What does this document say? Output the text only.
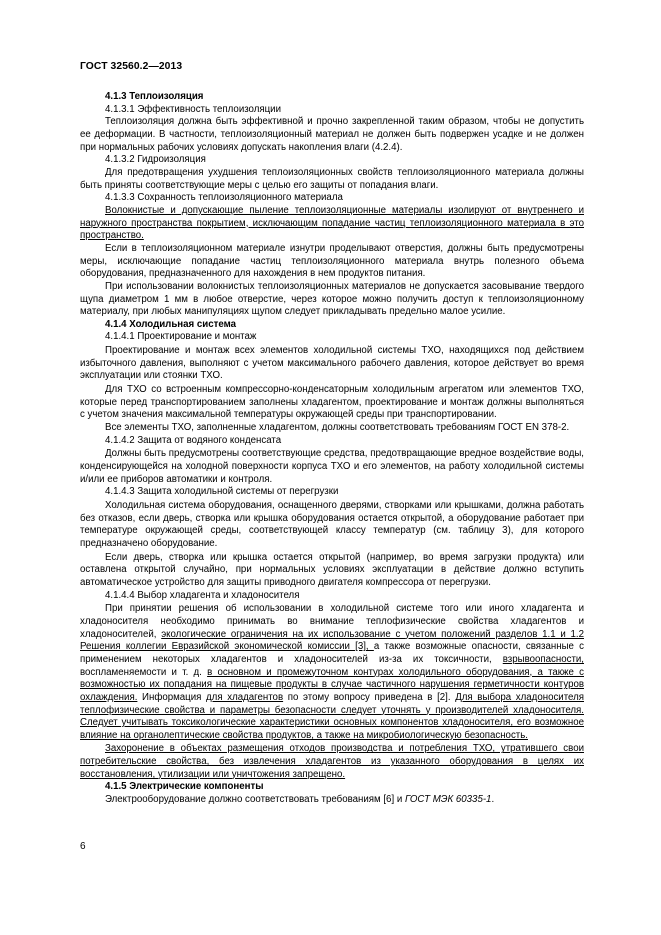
ГОСТ 32560.2—2013

4.1.3 Теплоизоляция

4.1.3.1 Эффективность теплоизоляции

Теплоизоляция должна быть эффективной и прочно закрепленной таким образом, чтобы не допустить ее деформации. В частности, теплоизоляционный материал не должен быть подвержен усадке и не должен при нормальных рабочих условиях допускать накопления влаги (4.2.4).

4.1.3.2 Гидроизоляция

Для предотвращения ухудшения теплоизоляционных свойств теплоизоляционного материала должны быть приняты соответствующие меры с целью его защиты от попадания влаги.

4.1.3.3 Сохранность теплоизоляционного материала

Волокнистые и допускающие пыление теплоизоляционные материалы изолируют от внутреннего и наружного пространства покрытием, исключающим попадание частиц теплоизоляционного материала в это пространство.

Если в теплоизоляционном материале изнутри проделывают отверстия, должны быть предусмотрены меры, исключающие попадание частиц теплоизоляционного материала внутрь полезного объема оборудования, предназначенного для нахождения в нем продуктов питания.

При использовании волокнистых теплоизоляционных материалов не допускается засовывание твердого щупа диаметром 1 мм в любое отверстие, через которое можно получить доступ к теплоизоляционному материалу, при любых манипуляциях щупом следует прикладывать предельно малое усилие.

4.1.4 Холодильная система

4.1.4.1 Проектирование и монтаж

Проектирование и монтаж всех элементов холодильной системы ТХО, находящихся под действием избыточного давления, выполняют с учетом максимального рабочего давления, которое действует во время эксплуатации или стоянки ТХО.

Для ТХО со встроенным компрессорно-конденсаторным холодильным агрегатом или элементов ТХО, которые перед транспортированием заполнены хладагентом, проектирование и монтаж должны выполняться с учетом значения максимальной температуры окружающей среды при транспортировании.

Все элементы ТХО, заполненные хладагентом, должны соответствовать требованиям ГОСТ EN 378-2.

4.1.4.2 Защита от водяного конденсата

Должны быть предусмотрены соответствующие средства, предотвращающие вредное воздействие воды, конденсирующейся на холодной поверхности корпуса ТХО и его элементов, на работу холодильной системы и/или ее приборов автоматики и контроля.

4.1.4.3 Защита холодильной системы от перегрузки

Холодильная система оборудования, оснащенного дверями, створками или крышками, должна работать без отказов, если дверь, створка или крышка оборудования остается открытой, а оборудование работает при температуре окружающей среды, соответствующей классу температур (см. таблицу 3), для которого предназначено оборудование.

Если дверь, створка или крышка остается открытой (например, во время загрузки продукта) или оставлена открытой случайно, при нормальных условиях эксплуатации в действие должно вступить автоматическое устройство для защиты приводного двигателя компрессора от перегрузки.

4.1.4.4 Выбор хладагента и хладоносителя

При принятии решения об использовании в холодильной системе того или иного хладагента и хладоносителя необходимо принимать во внимание теплофизические свойства хладагентов и хладоносителей, экологические ограничения на их использование с учетом положений разделов 1.1 и 1.2 Решения коллегии Евразийской экономической комиссии [3], а также возможные опасности, связанные с применением некоторых хладагентов и хладоносителей из-за их токсичности, взрывоопасности, воспламеняемости и т. д. в основном и промежуточном контурах холодильного оборудования, а также с возможностью их попадания на пищевые продукты в случае частичного нарушения герметичности контуров охлаждения. Информация для хладагентов по этому вопросу приведена в [2]. Для выбора хладоносителя теплофизические свойства и параметры безопасности следует уточнять у производителей хладоносителя. Следует учитывать токсикологические характеристики основных компонентов хладоносителя, его возможное влияние на органолептические свойства продуктов, а также на микробиологическую безопасность.

Захоронение в объектах размещения отходов производства и потребления ТХО, утратившего свои потребительские свойства, без извлечения хладагентов из указанного оборудования в целях их восстановления, утилизации или уничтожения запрещено.

4.1.5 Электрические компоненты

Электрооборудование должно соответствовать требованиям [6] и ГОСТ МЭК 60335-1.

6
